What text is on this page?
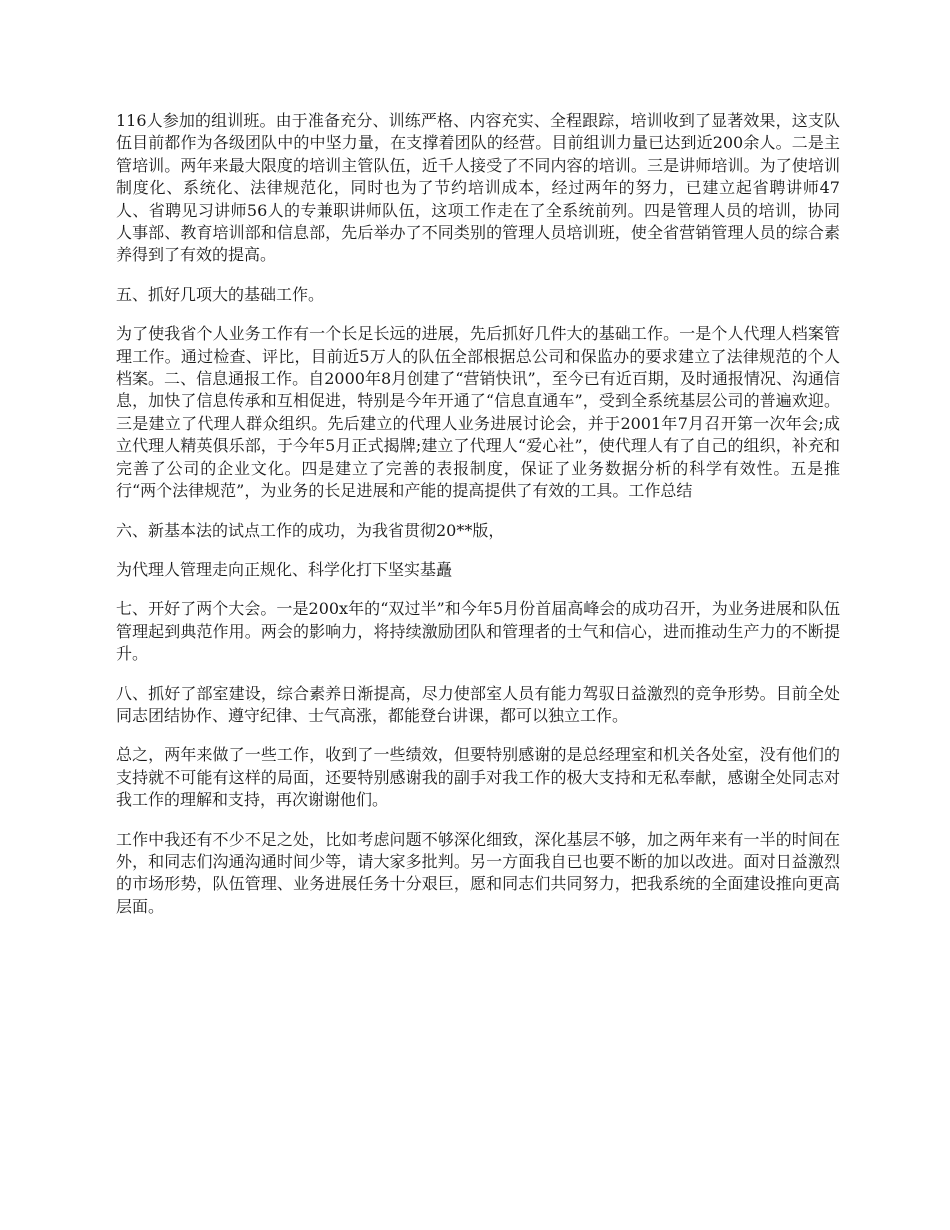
116人参加的组训班。由于准备充分、训练严格、内容充实、全程跟踪，培训收到了显著效果，这支队伍目前都作为各级团队中的中坚力量，在支撑着团队的经营。目前组训力量已达到近200余人。二是主管培训。两年来最大限度的培训主管队伍，近千人接受了不同内容的培训。三是讲师培训。为了使培训制度化、系统化、法律规范化，同时也为了节约培训成本，经过两年的努力，已建立起省聘讲师47人、省聘见习讲师56人的专兼职讲师队伍，这项工作走在了全系统前列。四是管理人员的培训，协同人事部、教育培训部和信息部，先后举办了不同类别的管理人员培训班，使全省营销管理人员的综合素养得到了有效的提高。

五、抓好几项大的基础工作。

为了使我省个人业务工作有一个长足长远的进展，先后抓好几件大的基础工作。一是个人代理人档案管理工作。通过检查、评比，目前近5万人的队伍全部根据总公司和保监办的要求建立了法律规范的个人档案。二、信息通报工作。自2000年8月创建了“营销快讯”，至今已有近百期，及时通报情况、沟通信息，加快了信息传承和互相促进，特别是今年开通了“信息直通车”，受到全系统基层公司的普遍欢迎。三是建立了代理人群众组织。先后建立的代理人业务进展讨论会，并于2001年7月召开第一次年会;成立代理人精英俱乐部，于今年5月正式揭牌;建立了代理人“爱心社”，使代理人有了自己的组织，补充和完善了公司的企业文化。四是建立了完善的表报制度，保证了业务数据分析的科学有效性。五是推行“两个法律规范”，为业务的长足进展和产能的提高提供了有效的工具。工作总结

六、新基本法的试点工作的成功，为我省贯彻20**版，

为代理人管理走向正规化、科学化打下坚实基矗

七、开好了两个大会。一是200x年的“双过半”和今年5月份首届高峰会的成功召开，为业务进展和队伍管理起到典范作用。两会的影响力，将持续激励团队和管理者的士气和信心，进而推动生产力的不断提升。

八、抓好了部室建设，综合素养日渐提高，尽力使部室人员有能力驾驭日益激烈的竞争形势。目前全处同志团结协作、遵守纪律、士气高涨，都能登台讲课，都可以独立工作。

总之，两年来做了一些工作，收到了一些绩效，但要特别感谢的是总经理室和机关各处室，没有他们的支持就不可能有这样的局面，还要特别感谢我的副手对我工作的极大支持和无私奉献，感谢全处同志对我工作的理解和支持，再次谢谢他们。

工作中我还有不少不足之处，比如考虑问题不够深化细致，深化基层不够，加之两年来有一半的时间在外，和同志们沟通沟通时间少等，请大家多批判。另一方面我自已也要不断的加以改进。面对日益激烈的市场形势，队伍管理、业务进展任务十分艰巨，愿和同志们共同努力，把我系统的全面建设推向更高层面。
